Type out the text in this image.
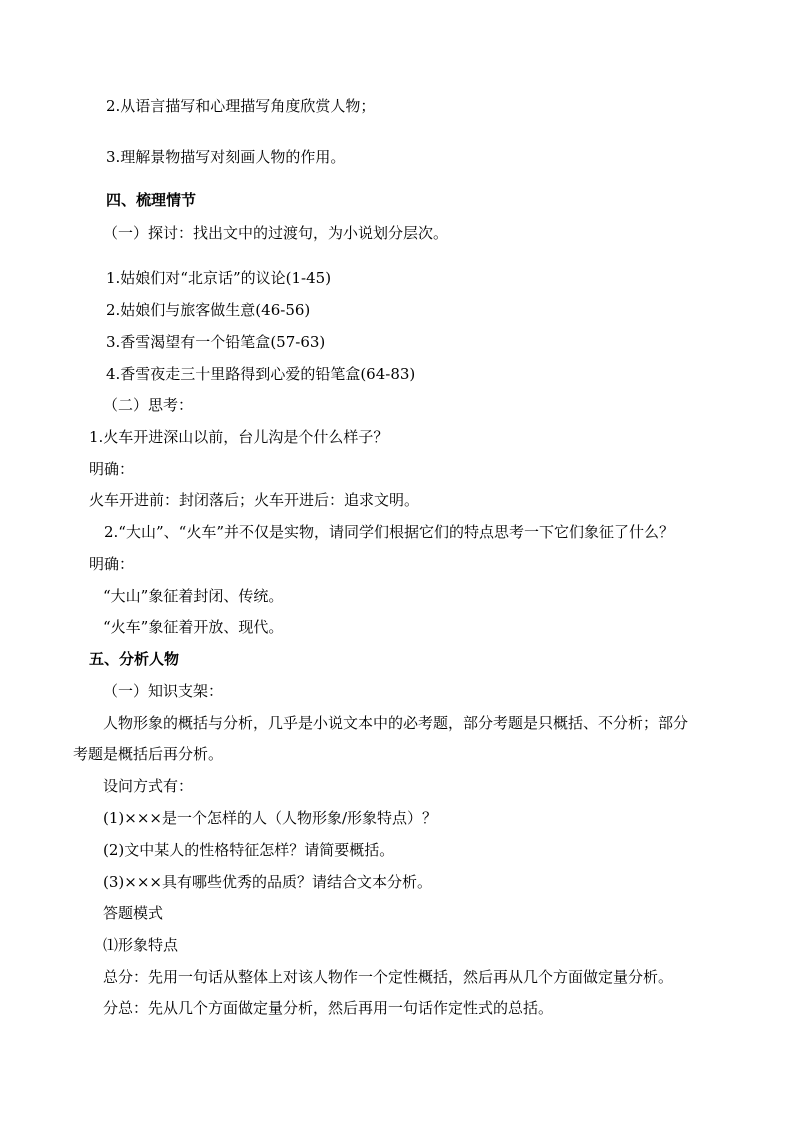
2.从语言描写和心理描写角度欣赏人物；
3.理解景物描写对刻画人物的作用。
四、梳理情节
（一）探讨：找出文中的过渡句，为小说划分层次。
1.姑娘们对“北京话”的议论(1-45)
2.姑娘们与旅客做生意(46-56)
3.香雪渴望有一个铅笔盒(57-63)
4.香雪夜走三十里路得到心爱的铅笔盒(64-83)
（二）思考：
1.火车开进深山以前，台儿沟是个什么样子？
明确：
火车开进前：封闭落后；火车开进后：追求文明。
2.“大山”、“火车”并不仅是实物，请同学们根据它们的特点思考一下它们象征了什么？
明确：
“大山”象征着封闭、传统。
“火车”象征着开放、现代。
五、分析人物
（一）知识支架：
人物形象的概括与分析，几乎是小说文本中的必考题，部分考题是只概括、不分析；部分
考题是概括后再分析。
设问方式有：
(1)×××是一个怎样的人（人物形象/形象特点）？
(2)文中某人的性格特征怎样？请简要概括。
(3)×××具有哪些优秀的品质？请结合文本分析。
答题模式
⑴形象特点
总分：先用一句话从整体上对该人物作一个定性概括，然后再从几个方面做定量分析。
分总：先从几个方面做定量分析，然后再用一句话作定性式的总括。
